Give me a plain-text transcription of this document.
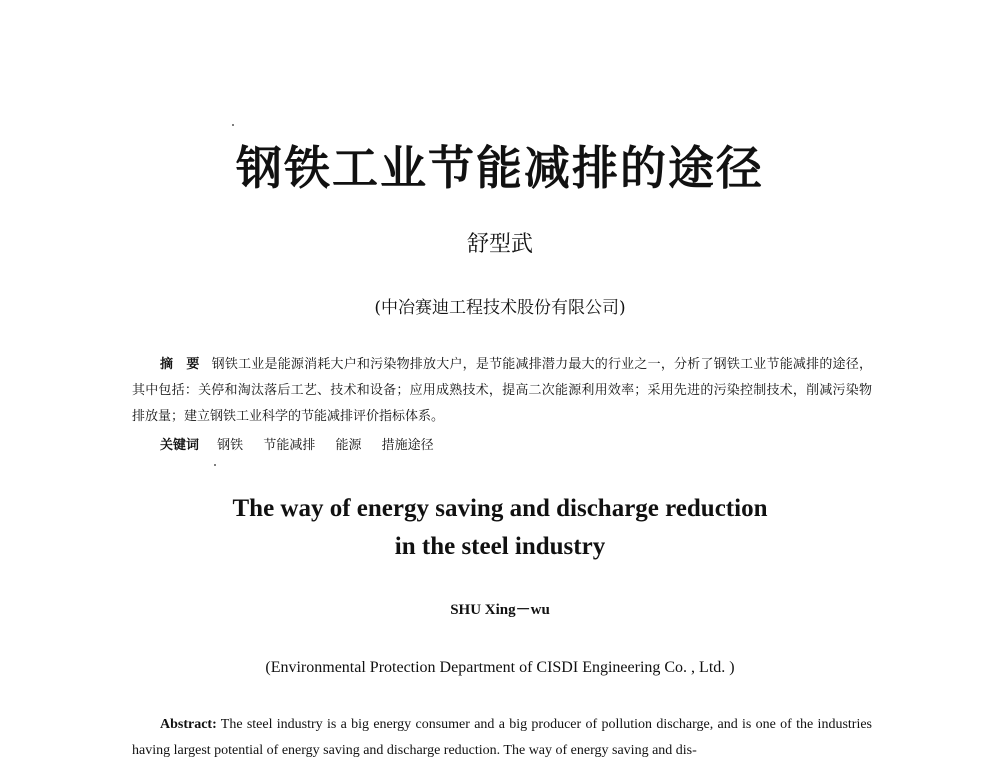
钢铁工业节能减排的途径
舒型武
(中冶赛迪工程技术股份有限公司)
摘　要 钢铁工业是能源消耗大户和污染物排放大户，是节能减排潜力最大的行业之一，分析了钢铁工业节能减排的途径，其中包括：关停和淘汰落后工艺、技术和设备；应用成熟技术，提高二次能源利用效率；采用先进的污染控制技术，削减污染物排放量；建立钢铁工业科学的节能减排评价指标体系。
关键词 钢铁 节能减排 能源 措施途径
The way of energy saving and discharge reduction
in the steel industry
SHU Xing－wu
(Environmental Protection Department of CISDI Engineering Co. , Ltd. )
Abstract: The steel industry is a big energy consumer and a big producer of pollution discharge, and is one of the industries having largest potential of energy saving and discharge reduction. The way of energy saving and dis-
